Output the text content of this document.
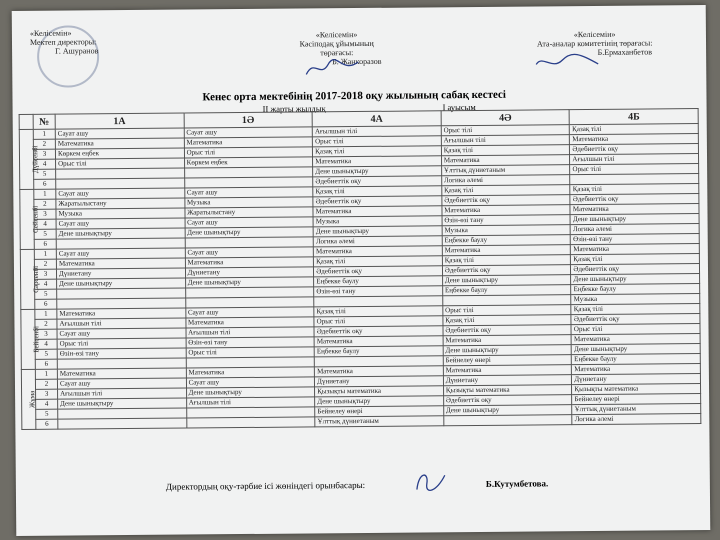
«Келісемін»
Мектеп директоры:
Г. Ашуранов
«Келісемін»
Кәсіподақ ұйымының
төрағасы:
Б. Жанкоразов
«Келісемін»
Ата-аналар комитетінің төрағасы:
Б.Ермаханбетов
Кенес орта мектебінің 2017-2018 оқу жылының сабақ кестесі
II жарты жылдық	I ауысым
	№	1А	1Ә	4А	4Ә	4Б
Дүйсенбі	1	Сауат ашу	Сауат ашу	Ағылшын тілі	Орыс тілі	Қазақ тілі
	2	Математика	Математика	Орыс тілі	Ағылшын тілі	Математика
	3	Көркем еңбек	Орыс тілі	Қазақ тілі	Қазақ тілі	Әдебиеттік оқу
	4	Орыс тілі	Көркем еңбек	Математика	Математика	Ағылшын тілі
	5			Дене шынықтыру	Ұлттық дүниетаным	Орыс тілі
	6			Әдебиеттік оқу	Логика әлемі	
Сейсенбі	1	Сауат ашу	Сауат ашу	Қазақ тілі	Қазақ тілі	Қазақ тілі
	2	Жаратылыстану	Музыка	Әдебиеттік оқу	Әдебиеттік оқу	Әдебиеттік оқу
	3	Музыка	Жаратылыстану	Математика	Математика	Математика
	4	Сауат ашу	Сауат ашу	Музыка	Өзін-өзі тану	Дене шынықтыру
	5	Дене шынықтыру	Дене шынықтыру	Дене шынықтыру	Музыка	Логика әлемі
	6			Логика әлемі	Еңбекке баулу	Өзін-өзі тану
Сәрсенбі	1	Сауат ашу	Сауат ашу	Математика	Математика	Математика
	2	Математика	Математика	Қазақ тілі	Қазақ тілі	Қазақ тілі
	3	Дүниетану	Дүниетану	Әдебиеттік оқу	Әдебиеттік оқу	Әдебиеттік оқу
	4	Дене шынықтыру	Дене шынықтыру	Еңбекке баулу	Дене шынықтыру	Дене шынықтыру
	5			Өзін-өзі тану	Еңбекке баулу	Еңбекке баулу
	6					Музыка
Бейсенбі	1	Математика	Сауат ашу	Қазақ тілі	Орыс тілі	Қазақ тілі
	2	Ағылшын тілі	Математика	Орыс тілі	Қазақ тілі	Әдебиеттік оқу
	3	Сауат ашу	Ағылшын тілі	Әдебиеттік оқу	Әдебиеттік оқу	Орыс тілі
	4	Орыс тілі	Өзін-өзі тану	Математика	Математика	Математика
	5	Өзін-өзі тану	Орыс тілі	Еңбекке баулу	Дене шынықтыру	Дене шынықтыру
	6				Бейнелеу өнері	Еңбекке баулу
Жұма	1	Математика	Математика	Математика	Математика	Математика
	2	Сауат ашу	Сауат ашу	Дүниетану	Дүниетану	Дүниетану
	3	Ағылшын тілі	Дене шынықтыру	Қызықты математика	Қызықты математика	Қызықты математика
	4	Дене шынықтыру	Ағылшын тілі	Дене шынықтыру	Әдебиеттік оқу	Бейнелеу өнері
	5			Бейнелеу өнері	Дене шынықтыру	Ұлттық дүниетаным
	6			Ұлттық дүниетаным		Логика әлемі
Директордың оқу-тәрбие ісі жөніндегі орынбасары:	Б.Кутумбетова.
